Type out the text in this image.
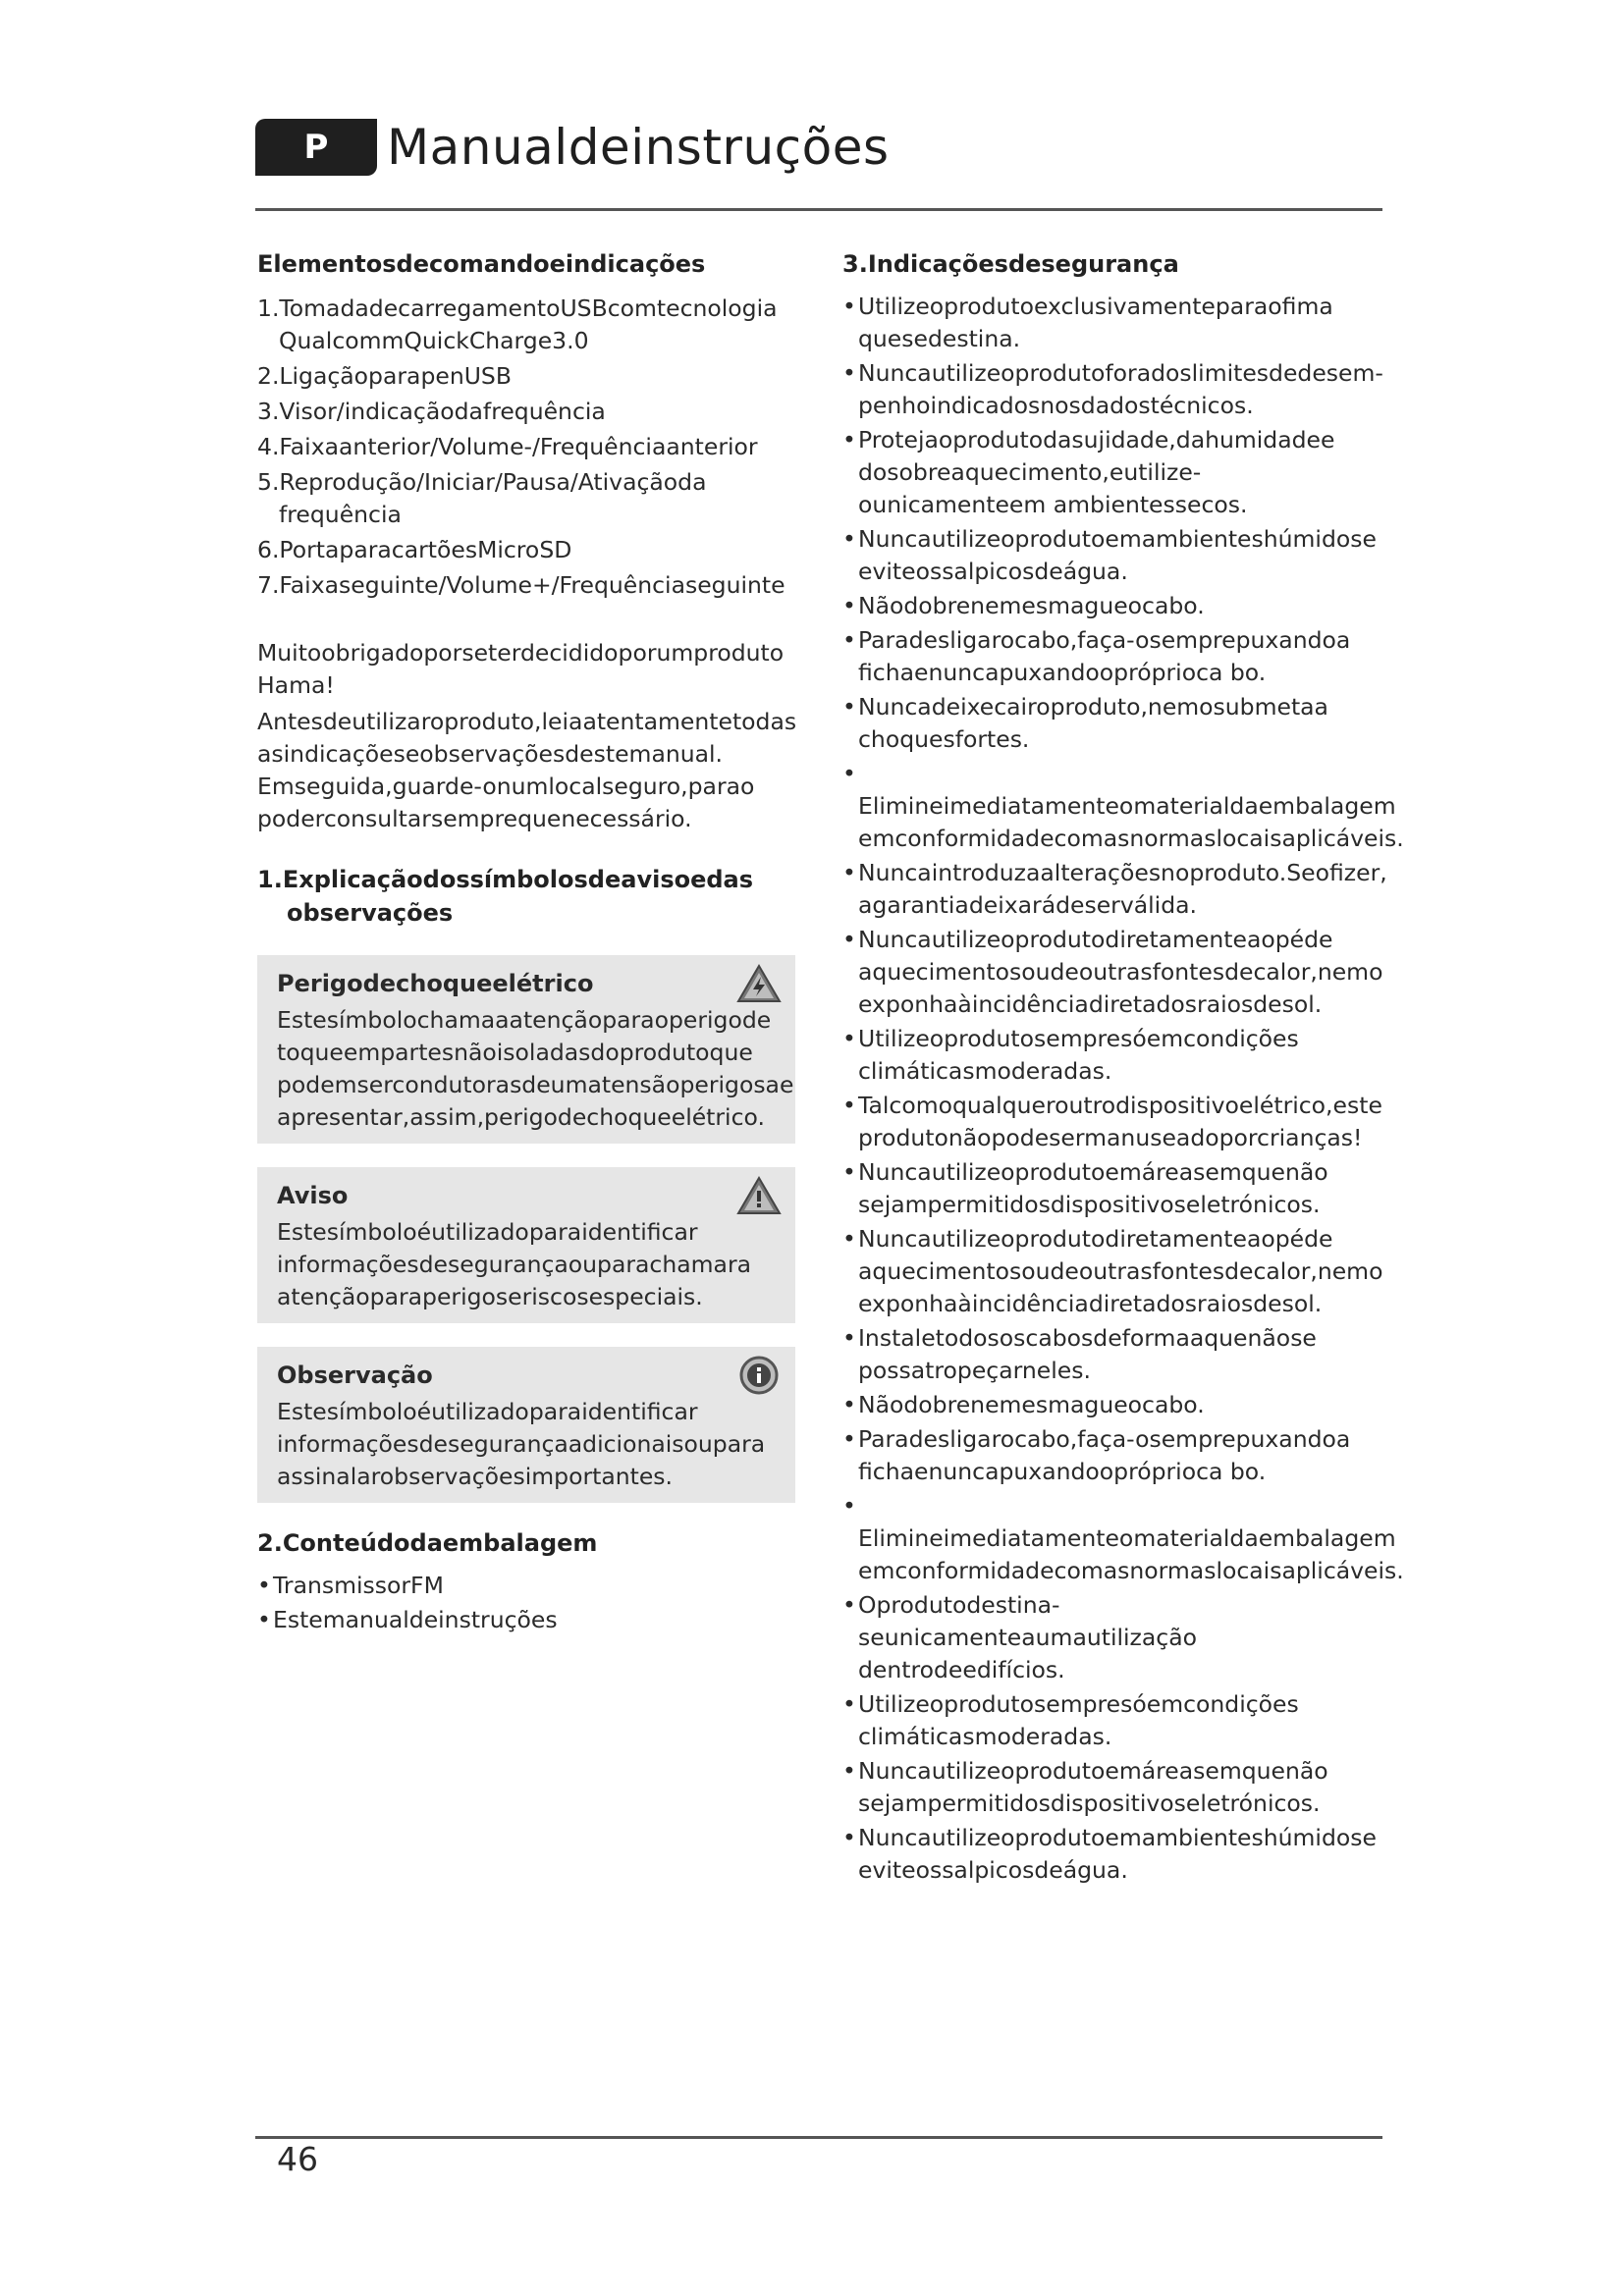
P	Manualdeinstruções
Elementosdecomandoeindicações
1.TomadadecarregamentoUSBcomtecnologia QualcommQuickCharge3.0
2.LigaçãoparapenUSB
3.Visor/indicaçãodafrequência
4.Faixaanterior/Volume-/Frequênciaanterior
5.Reprodução/Iniciar/Pausa/Ativaçãoda frequência
6.PortaparacartõesMicroSD
7.Faixaseguinte/Volume+/Frequênciaseguinte

Muitoobrigadoporseterdecididoporumproduto Hama!

Antesdeutilizaroproduto,leiaatentamentetodas asindicaçõeseobservaçõesdestemanual. Emseguida,guarde-onumlocalseguro,parao poderconsultarsemprequenecessário.

1.Explicaçãodossímbolosdeavisoedas
observações
Perigodechoqueelétrico
Estesímbolochamaaatençãoparaoperigode toqueempartesnãoisoladasdoprodutoque podemsercondutorasdeumatensãoperigosae apresentar,assim,perigodechoqueelétrico.
Aviso
Estesímboloéutilizadoparaidentificar informaçõesdesegurançaouparachamara atençãoparaperigoseriscosespeciais.
Observação
Estesímboloéutilizadoparaidentificar informaçõesdesegurançaadicionaisoupara assinalarobservaçõesimportantes.
2.Conteúdodaembalagem
• TransmissorFM
• Estemanualdeinstruções
3.Indicaçõesdesegurança
• Utilizeoprodutoexclusivamenteparaofima quesedestina.
• Nuncautilizeoprodutoforadoslimitesdedesem- penhoindicadosnosdadostécnicos.
• Protejaoprodutodasujidade,dahumidadee dosobreaquecimento,eutilize-ounicamenteem ambientessecos.
• Nuncautilizeoprodutoemambienteshúmidose eviteossalpicosdeágua.
• Nãodobrenemesmagueocabo.
• Paradesligarocabo,faça-osemprepuxandoa fichaenuncapuxandoopróprioca bo.
• Nuncadeixecairoproduto,nemosubmetaa choquesfortes.
• Elimineimediatamenteomaterialdaembalagem emconformidadecomasnormaslocaisaplicáveis.
• Nuncaintroduzaalteraçõesnoproduto.Seofizer, agarantiadeixarádeserválida.
• Nuncautilizeoprodutodiretamenteaopéde aquecimentosoudeoutrasfontesdecalor,nemo exponhaàincidênciadiretadosraiosdesol.
• Utilizeoprodutosempresóemcondições climáticasmoderadas.
• Talcomoqualqueroutrodispositivoelétrico,este produtonãopodesermanuseadoporcrianças!
• Nuncautilizeoprodutoemáreasemquenão sejampermitidosdispositivoseletrónicos.
• Nuncautilizeoprodutodiretamenteaopéde aquecimentosoudeoutrasfontesdecalor,nemo exponhaàincidênciadiretadosraiosdesol.
• Instaletodososcabosdeformaaquenãose possatropeçarneles.
• Nãodobrenemesmagueocabo.
• Paradesligarocabo,faça-osemprepuxandoa fichaenuncapuxandoopróprioca bo.
• Elimineimediatamenteomaterialdaembalagem emconformidadecomasnormaslocaisaplicáveis.
• Oprodutodestina-seunicamenteaumautilização dentrodeedifícios.
• Utilizeoprodutosempresóemcondições climáticasmoderadas.
• Nuncautilizeoprodutoemáreasemquenão sejampermitidosdispositivoseletrónicos.
• Nuncautilizeoprodutoemambienteshúmidose eviteossalpicosdeágua.
46
